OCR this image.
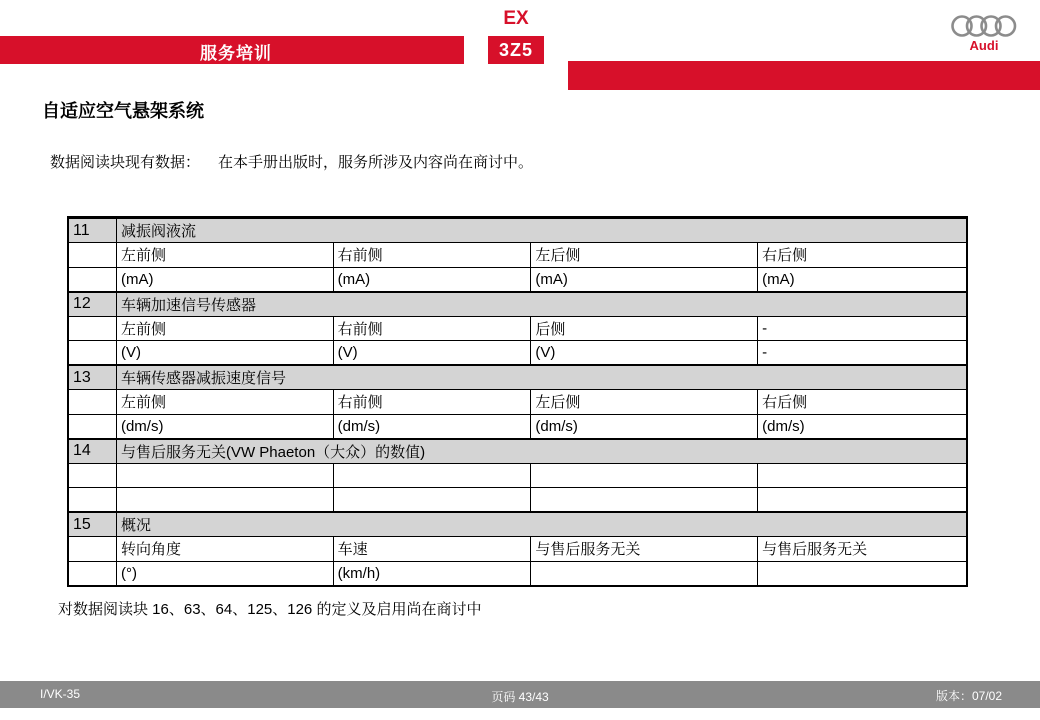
服务培训
EX
3Z5	Audi
自适应空气悬架系统
数据阅读块现有数据： 在本手册出版时，服务所涉及内容尚在商讨中。
11	减振阀液流			
	左前侧	右前侧	左后侧	右后侧
	(mA)	(mA)	(mA)	(mA)
12	车辆加速信号传感器			
	左前侧	右前侧	后侧	-
	(V)	(V)	(V)	-
13	车辆传感器减振速度信号			
	左前侧	右前侧	左后侧	右后侧
	(dm/s)	(dm/s)	(dm/s)	(dm/s)
14	与售后服务无关(VW Phaeton（大众）的数值)			

15	概况			
	转向角度	车速	与售后服务无关	与售后服务无关
	(°)	(km/h)		
对数据阅读块 16、63、64、125、126 的定义及启用尚在商讨中
I/VK-35	页码 43/43	版本：07/02
